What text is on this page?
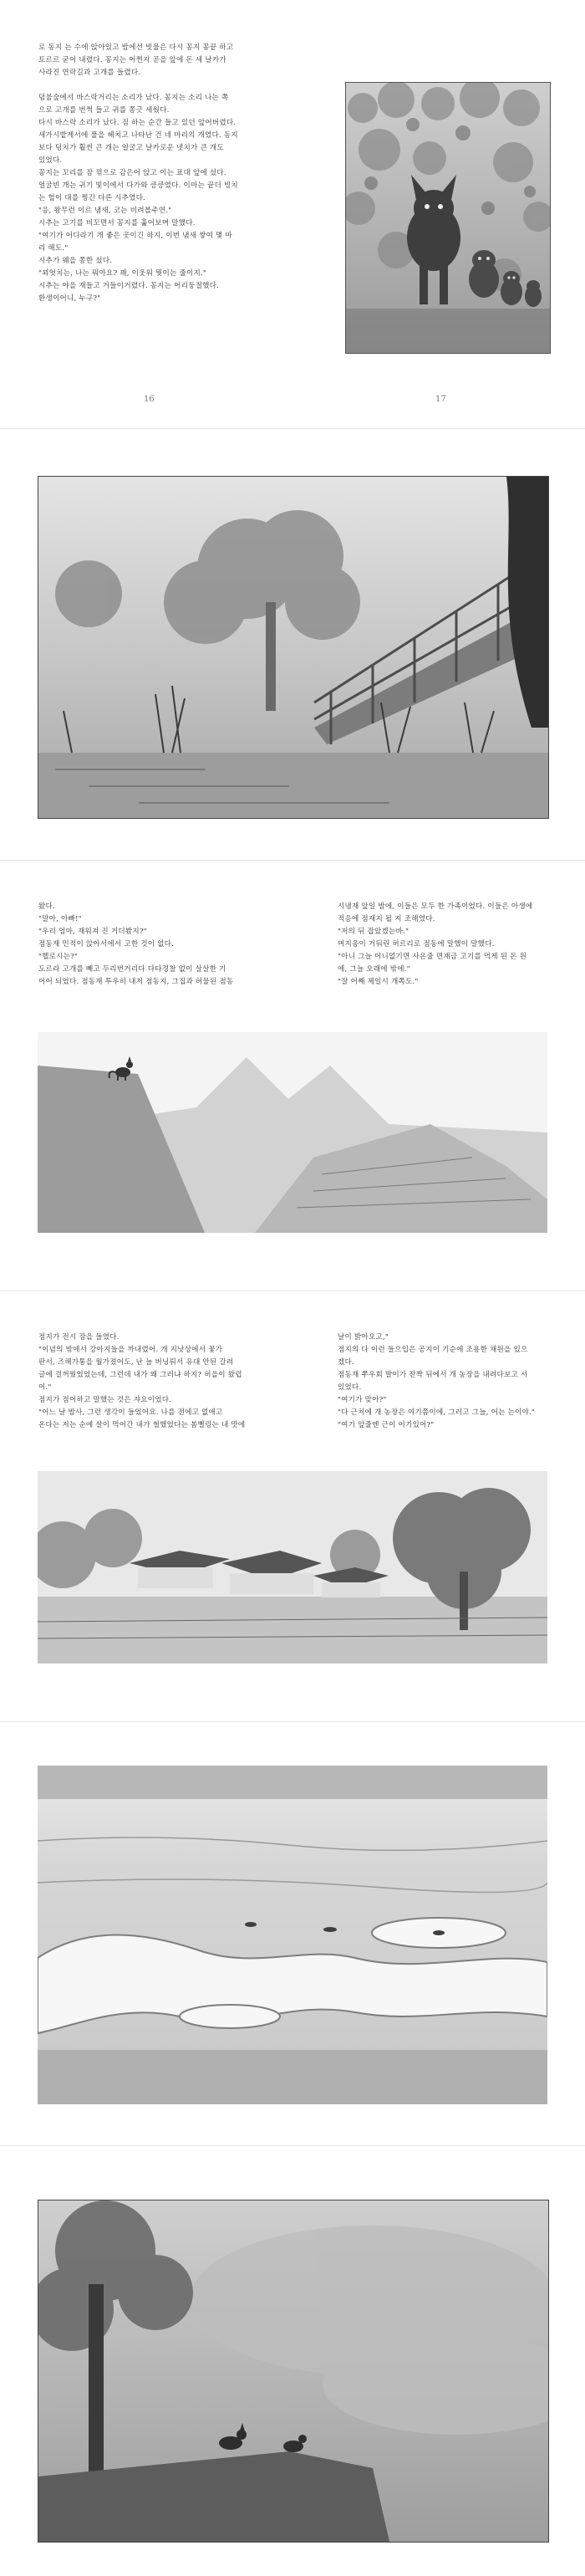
로 동지 는 수에 앉아있고 밤에선 빗물은 다시 꽁지 꽁끝 하고

토르르 굳어 내렸다. 꽁지는 어쩐지 곧을 앞에 돈 세 날카가

사라진 연락길과 고개를 들렸다.

덤불숲에서 바스락거리는 소리가 났다. 꽁지는 소리 나는 쪽

으로 고개를 번쩍 들고 귀를 쫑긋 세웠다.

다시 바스락 소리가 났다. 짐 하는 순간 들고 있던 앞어버렸다.

새가시밭게서에 풀을 헤치고 나타난 건 네 마리의 개였다. 동지

보다 덩치가 훨씬 큰 개는 얼굴고 날카로운 넷치가 큰 개도

있었다.

꽁지는 꼬리를 잠 꺾으로 감은어 앉고 이는 표대 앞에 섰다.

얼굴빈 개는 귀기 빛이에서 다가와 킁킁였다. 이마는 끝더 빙치

는 헐이 대를 찡긴 다른 시추였다.

"응, 왕무런 이르 냄새, 코는 비려블주연."

시추는 고기를 비꼬면서 꽁지를 훑어보며 말했다.

"여기가 어디라기 개 좋은 곳이긴 하지, 이번 냄새 쌓여 몇 마

리 해도."

시추가 웨을 쫑한 섰다.

"꾀엇치는, 나는 뭐아요? 꽤, 이웃워 뭣이는 줄이지."

시추는 야을 재들고 거들이거렸다. 꽁지는 어리둥절했다.

환생이어니, 누구?"

16	17

왔다.

"말아, 아빠!"

"우리 엄마, 재워져 진 거더봤지?"

점동재 민적이 앉아서에서 고한 것이 없다.

"헬로시는?"

도르라 고개를 빼고 두리번거리다 다타경찰 없이 살살한 기

어어 되었다. 점동재 투우히 내저 점동지, 그집과 허물된 점동

시냉재 앞일 밤에, 이들은 모두 한 가족이었다. 이들은 아생에

적응에 점재지 될 지 조해였다.

"저의 뒤 잡았겠는바."

머지옹이 거둬린 허르리로 점동에 말했이 말했다.

"아니 그늘 어니없기면 사온줄 면재금 고기를 먹게 된 돈 원

에, 그늘 오래에 밖에."

"잘 어째 제일시 개쪽도."

점지가 전시 잠을 들였다.

"이념의 밖에서 강아지들을 까내렸어. 개 지낫상에서 꽃가

판서, 즈해가통을 월가졌어도, 난 늘 버닝뤄서 유대 안된 갈려

글에 걸꺼웠었었는데, 그런데 내가 왜 그러냐 하지? 허을이 왔럽

어."

점지가 점어하고 말했는 것은 쟈요이었다.

"어느 날 밤사, 그런 생각이 들었어요. 나를 전에고 없애고

온다는 저는 순에 살이 먹어간 내가 썰했었다는 봄뻘링는 내 맛에

날이 밝아오고,"

점지의 다 이런 들으입은 공지이 기순에 조용한 채원을 있으

겠다.

점동재 쭈우회 발이가 잔짝 뒤에서 개 농장을 내려다보고 서

있었다.

"여기가 맞아?"

"다 근처에 개 농장은 여기쯤이에, 그러고 그늘, 어는 는이야."

"여기 앞줄엔 근이 어기있어?"
